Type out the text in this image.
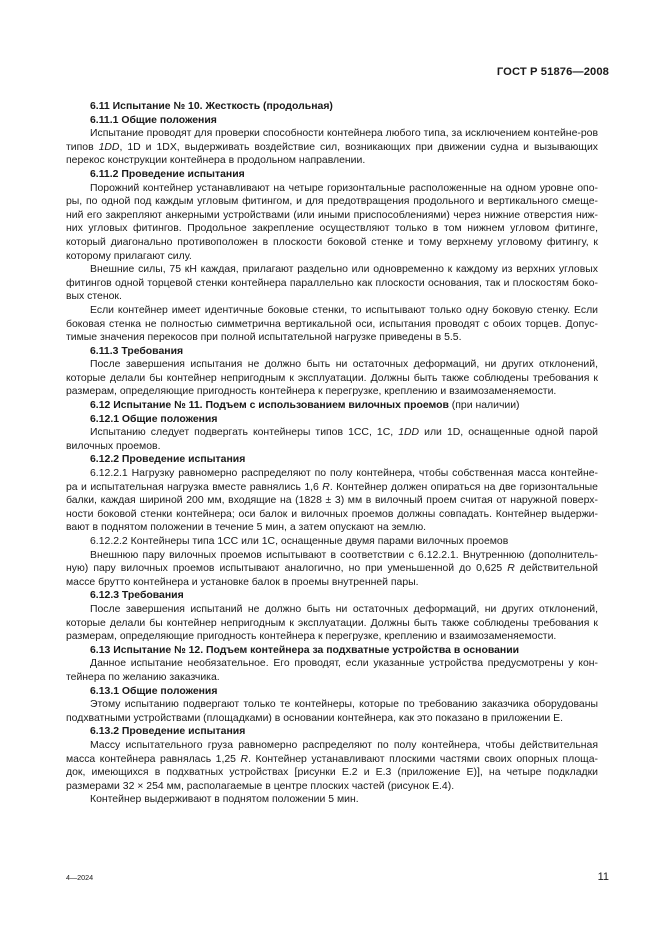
ГОСТ Р 51876—2008

6.11 Испытание № 10. Жесткость (продольная)

6.11.1 Общие положения

Испытание проводят для проверки способности контейнера любого типа, за исключением контейне-ров типов 1DD, 1D и 1DX, выдерживать воздействие сил, возникающих при движении судна и вызывающих перекос конструкции контейнера в продольном направлении.

6.11.2 Проведение испытания

Порожний контейнер устанавливают на четыре горизонтальные расположенные на одном уровне опо-ры, по одной под каждым угловым фитингом, и для предотвращения продольного и вертикального смеще-ний его закрепляют анкерными устройствами (или иными приспособлениями) через нижние отверстия ниж-них угловых фитингов. Продольное закрепление осуществляют только в том нижнем угловом фитинге, который диагонально противоположен в плоскости боковой стенке и тому верхнему угловому фитингу, к которому прилагают силу.

Внешние силы, 75 кН каждая, прилагают раздельно или одновременно к каждому из верхних угловых фитингов одной торцевой стенки контейнера параллельно как плоскости основания, так и плоскостям боко-вых стенок.

Если контейнер имеет идентичные боковые стенки, то испытывают только одну боковую стенку. Если боковая стенка не полностью симметрична вертикальной оси, испытания проводят с обоих торцев. Допус-тимые значения перекосов при полной испытательной нагрузке приведены в 5.5.

6.11.3 Требования

После завершения испытания не должно быть ни остаточных деформаций, ни других отклонений, которые делали бы контейнер непригодным к эксплуатации. Должны быть также соблюдены требования к размерам, определяющие пригодность контейнера к перегрузке, креплению и взаимозаменяемости.

6.12 Испытание № 11. Подъем с использованием вилочных проемов (при наличии)

6.12.1 Общие положения

Испытанию следует подвергать контейнеры типов 1CC, 1C, 1DD или 1D, оснащенные одной парой вилочных проемов.

6.12.2 Проведение испытания

6.12.2.1 Нагрузку равномерно распределяют по полу контейнера, чтобы собственная масса контейне-ра и испытательная нагрузка вместе равнялись 1,6 R. Контейнер должен опираться на две горизонтальные балки, каждая шириной 200 мм, входящие на (1828 ± 3) мм в вилочный проем считая от наружной поверх-ности боковой стенки контейнера; оси балок и вилочных проемов должны совпадать. Контейнер выдержи-вают в поднятом положении в течение 5 мин, а затем опускают на землю.

6.12.2.2 Контейнеры типа 1CC или 1C, оснащенные двумя парами вилочных проемов

Внешнюю пару вилочных проемов испытывают в соответствии с 6.12.2.1. Внутреннюю (дополнитель-ную) пару вилочных проемов испытывают аналогично, но при уменьшенной до 0,625 R действительной массе брутто контейнера и установке балок в проемы внутренней пары.

6.12.3 Требования

После завершения испытаний не должно быть ни остаточных деформаций, ни других отклонений, которые делали бы контейнер непригодным к эксплуатации. Должны быть также соблюдены требования к размерам, определяющие пригодность контейнера к перегрузке, креплению и взаимозаменяемости.

6.13 Испытание № 12. Подъем контейнера за подхватные устройства в основании

Данное испытание необязательное. Его проводят, если указанные устройства предусмотрены у кон-тейнера по желанию заказчика.

6.13.1 Общие положения

Этому испытанию подвергают только те контейнеры, которые по требованию заказчика оборудованы подхватными устройствами (площадками) в основании контейнера, как это показано в приложении Е.

6.13.2 Проведение испытания

Массу испытательного груза равномерно распределяют по полу контейнера, чтобы действительная масса контейнера равнялась 1,25 R. Контейнер устанавливают плоскими частями своих опорных площа-док, имеющихся в подхватных устройствах [рисунки Е.2 и Е.3 (приложение Е)], на четыре подкладки размерами 32 × 254 мм, располагаемые в центре плоских частей (рисунок Е.4).

Контейнер выдерживают в поднятом положении 5 мин.

4—2024	11
